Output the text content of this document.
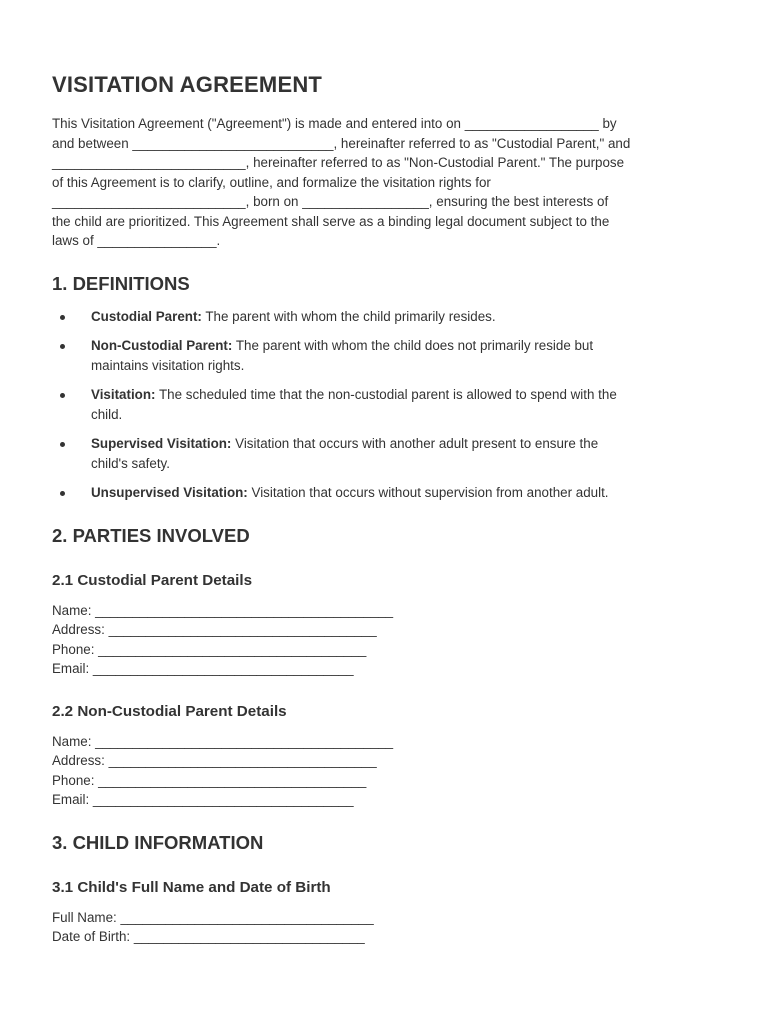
VISITATION AGREEMENT

This Visitation Agreement ("Agreement") is made and entered into on __________________ by

and between ___________________________, hereinafter referred to as "Custodial Parent," and

__________________________, hereinafter referred to as "Non-Custodial Parent." The purpose

of this Agreement is to clarify, outline, and formalize the visitation rights for

__________________________, born on _________________, ensuring the best interests of

the child are prioritized. This Agreement shall serve as a binding legal document subject to the

laws of ________________.

1. DEFINITIONS
Custodial Parent: The parent with whom the child primarily resides.
Non-Custodial Parent: The parent with whom the child does not primarily reside but
maintains visitation rights.
Visitation: The scheduled time that the non-custodial parent is allowed to spend with the
child.
Supervised Visitation: Visitation that occurs with another adult present to ensure the
child's safety.
Unsupervised Visitation: Visitation that occurs without supervision from another adult.
2. PARTIES INVOLVED
2.1 Custodial Parent Details

Name: ________________________________________

Address: ____________________________________

Phone: ____________________________________

Email: ___________________________________

2.2 Non-Custodial Parent Details

Name: ________________________________________

Address: ____________________________________

Phone: ____________________________________

Email: ___________________________________

3. CHILD INFORMATION
3.1 Child's Full Name and Date of Birth

Full Name: __________________________________

Date of Birth: _______________________________
